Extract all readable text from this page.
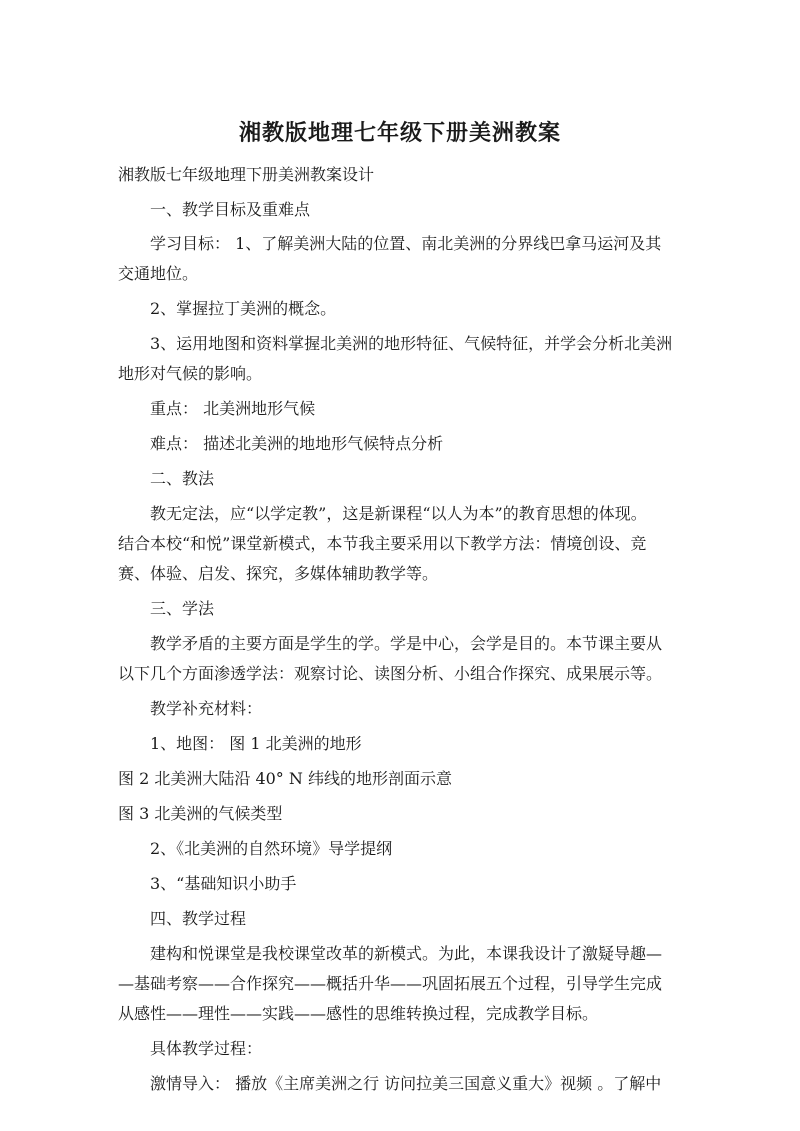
湘教版地理七年级下册美洲教案

湘教版七年级地理下册美洲教案设计

一、教学目标及重难点

学习目标： 1、了解美洲大陆的位置、南北美洲的分界线巴拿马运河及其

交通地位。

2、掌握拉丁美洲的概念。

3、运用地图和资料掌握北美洲的地形特征、气候特征，并学会分析北美洲

地形对气候的影响。

重点： 北美洲地形气候

难点： 描述北美洲的地地形气候特点分析

二、教法

教无定法，应“以学定教”，这是新课程“以人为本”的教育思想的体现。

结合本校“和悦”课堂新模式，本节我主要采用以下教学方法：情境创设、竞

赛、体验、启发、探究，多媒体辅助教学等。

三、学法

教学矛盾的主要方面是学生的学。学是中心，会学是目的。本节课主要从

以下几个方面渗透学法：观察讨论、读图分析、小组合作探究、成果展示等。

教学补充材料：

1、地图： 图 1 北美洲的地形

图 2 北美洲大陆沿 40° N 纬线的地形剖面示意

图 3 北美洲的气候类型

2、《北美洲的自然环境》导学提纲

3、“基础知识小助手

四、教学过程

建构和悦课堂是我校课堂改革的新模式。为此，本课我设计了激疑导趣—

—基础考察——合作探究——概括升华——巩固拓展五个过程，引导学生完成

从感性——理性——实践——感性的思维转换过程，完成教学目标。

具体教学过程：

激情导入： 播放《主席美洲之行 访问拉美三国意义重大》视频 。了解中
